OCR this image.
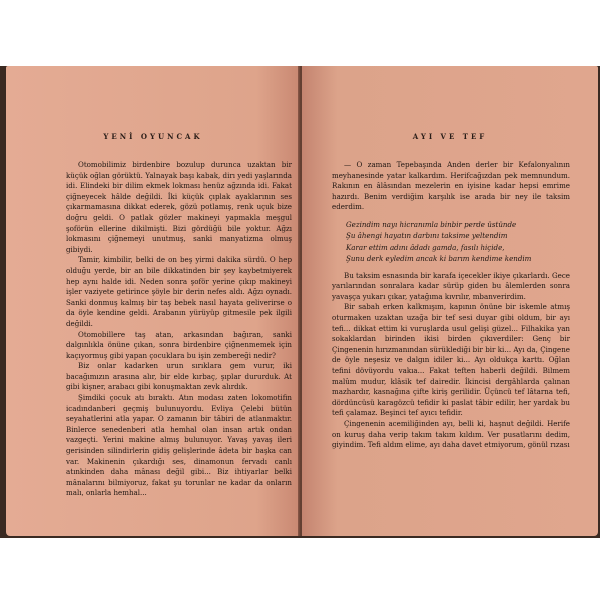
YENİ OYUNCAK

Otomobilimiz birdenbire bozulup durunca uzaktan bir küçük oğlan görüktü. Yalnayak başı kabak, dirı yedi yaşlarında idi. Elindeki bir dilim ekmek lokması henüz ağzında idi. Fakat çiğneyecek hâlde değildi. İki küçük çıplak ayaklarının ses çıkarmamasına dikkat ederek, gözü potlamış, renk uçuk bize doğru geldi. O patlak gözler makineyi yapmakla meşgul şoförün ellerine dikilmişti. Bizi gördüğü bile yoktur. Ağzı lokmasını çiğnemeyi unutmuş, sanki manyatizma olmuş gibiydi.

Tamir, kimbilir, belki de on beş yirmi dakika sürdü. O hep olduğu yerde, bir an bile dikkatinden bir şey kaybetmiyerek hep aynı halde idi. Neden sonra şoför yerine çıkıp makineyi işler vaziyete getirince şöyle bir derin nefes aldı. Ağzı oynadı. Sanki donmuş kalmış bir taş bebek nasıl hayata geliverirse o da öyle kendine geldi. Arabanın yürüyüp gitmesile pek ilgili değildi.

Otomobillere taş atan, arkasından bağıran, sanki dalgınlıkla önüne çıkan, sonra birdenbire çiğnenmemek için kaçıyormuş gibi yapan çocuklara bu işin zembereği nedir?

Biz onlar kadarken urun sırıklara gem vurur, iki bacağımızın arasına alır, bir elde kırbaç, şıplar dururduk. At gibi kişner, arabacı gibi konuşmaktan zevk alırdık.

Şimdiki çocuk atı bıraktı. Atın modası zaten lokomotifin icadındanberi geçmiş bulunuyordu. Evliya Çelebi bütün seyahatlerini atla yapar. O zamanın bir tâbiri de atlanmaktır. Binlerce senedenberi atla hemhal olan insan artık ondan vazgeçti. Yerini makine almış bulunuyor. Yavaş yavaş ileri gerisinden silindirlerin gidiş gelişlerinde âdeta bir başka can var. Makinenin çıkardığı ses, dinamonun fervadı canlı atınkinden daha mânası değil gibi... Biz ihtiyarlar belki mânalarını bilmiyoruz, fakat şu torunlar ne kadar da onların malı, onlarla hemhal...

AYI VE TEF

— O zaman Tepebaşında Anden derler bir Kefalonyalının meyhanesinde yatar kalkardım. Herifcağızdan pek memnundum. Rakının en âlâsından mezelerin en iyisine kadar hepsi emrime hazırdı. Benim verdiğim karşılık ise arada bir ney ile taksim ederdim.

Gezindim nayı hicranımla binbir perde üstünde
Şu âhengi hayatın darbını taksime yeltendim
Karar ettim adını âdadı gamda, fasılı hiçide,
Şunu derk eyledim ancak ki barım kendime kendim

Bu taksim esnasında bir karafa içecekler ikiye çıkarlardı. Gece yarılarından sonralara kadar sürüp giden bu âlemlerden sonra yavaşça yukarı çıkar, yatağıma kıvrılır, mbanverirdim.

Bir sabah erken kalkmışım, kapının önüne bir iskemle atmış oturmaken uzaktan uzağa bir tef sesi duyar gibi oldum, bir ayı tefi... dikkat ettim ki vuruşlarda usul gelişi güzel... Filhakika yan sokaklardan birinden ikisi birden çıkıverdiler: Genç bir Çingenenin hırızmanından sürüklediği bir bir ki... Ayı da, Çingene de öyle neşesiz ve dalgın idiler ki... Ayı oldukça karttı. Oğlan tefini dövüyordu vakıa... Fakat teften haberli değildi. Bilmem malûm mudur, klâsik tef dairedir. İkincisi dergâhlarda çalınan mazhardır, kasnağına çifte kiriş gerilidir. Üçüncü tef lâtarna tefi, dördüncüsü karagözcü tefidir ki paslat tâbir edilir, her yardak bu tefi çalamaz. Beşinci tef ayıcı tefidir.

Çingenenin acemiliğinden ayı, belli ki, haşnut değildi. Herife on kuruş daha verip takım takım kıldım. Ver pusatlarını dedim, giyindim. Tefi aldım elime, ayı daha davet etmiyorum, gönül rızası
